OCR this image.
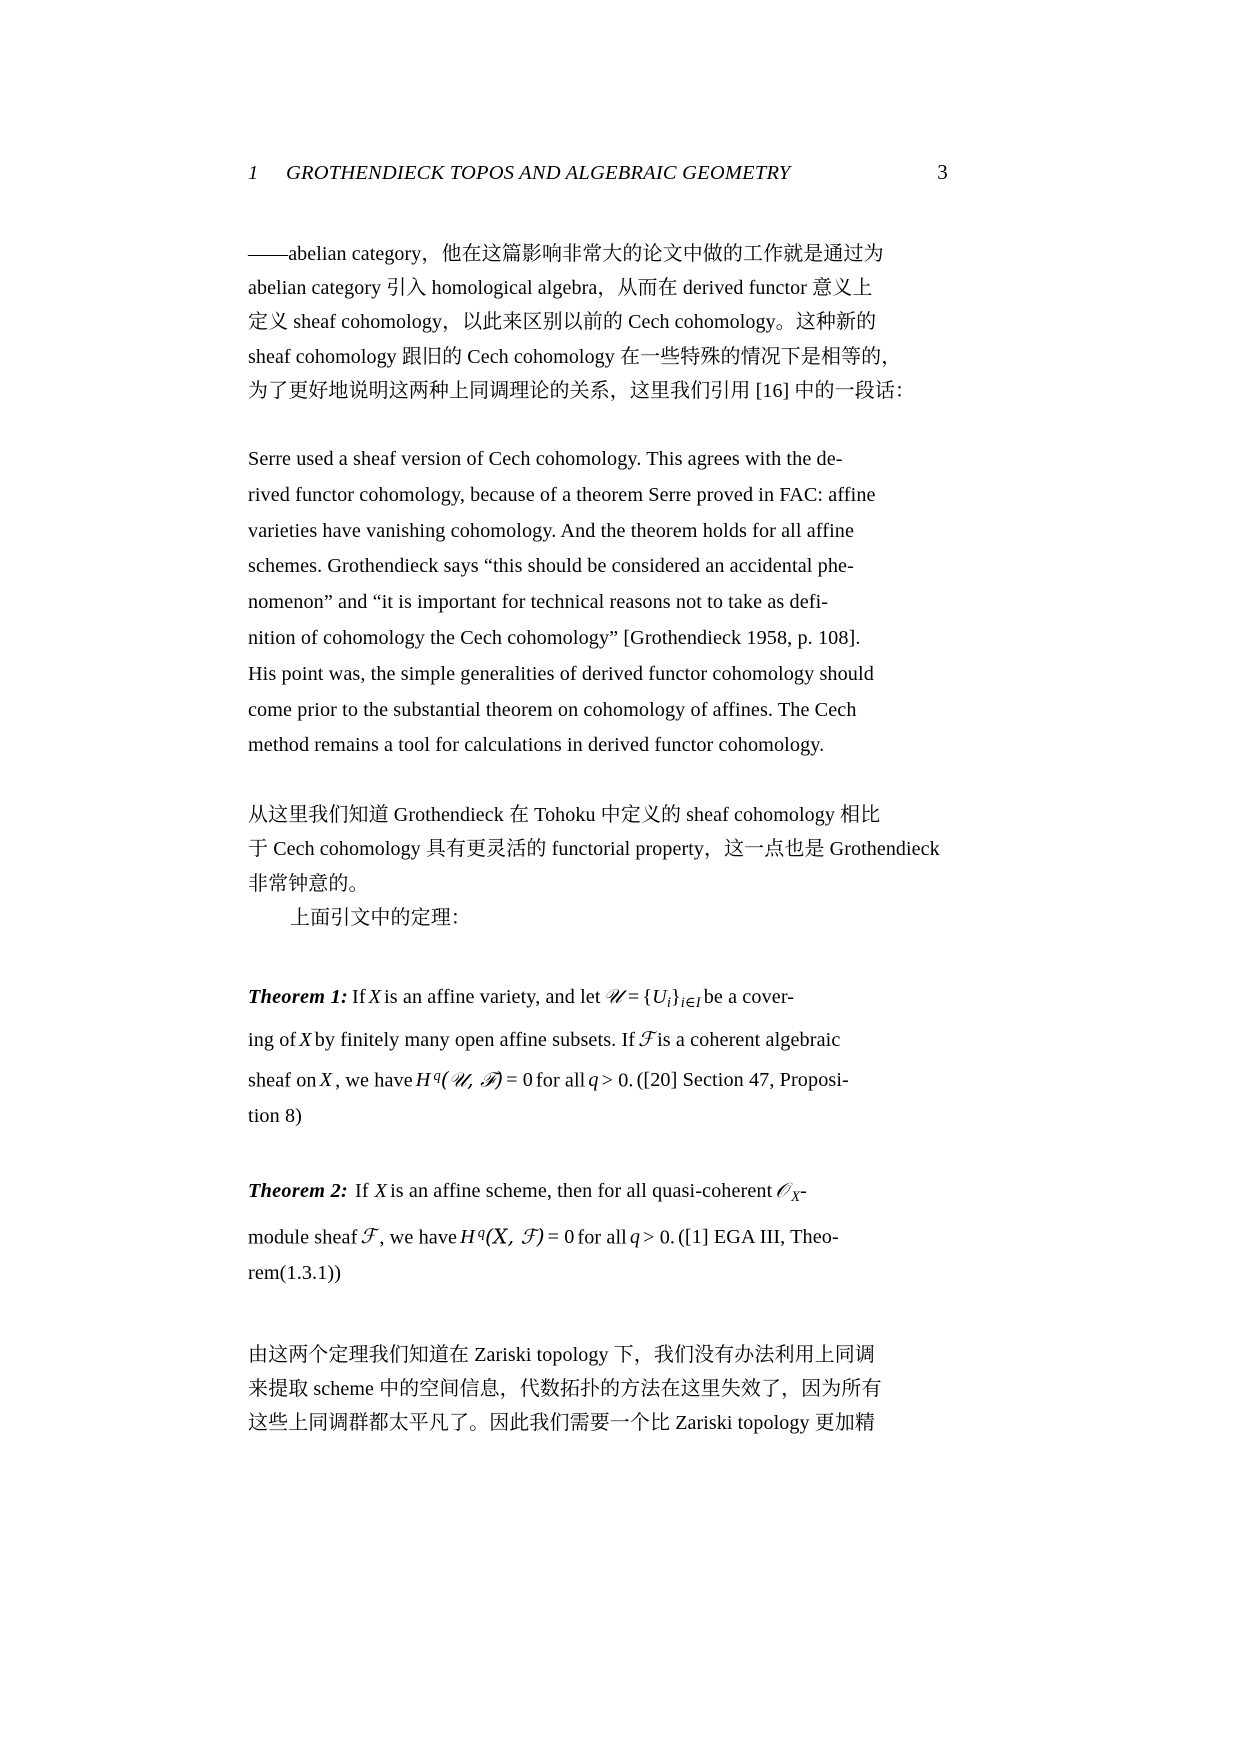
1	GROTHENDIECK TOPOS AND ALGEBRAIC GEOMETRY	3
——abelian category，他在这篇影响非常大的论文中做的工作就是通过为
abelian category 引入 homological algebra，从而在 derived functor 意义上
定义 sheaf cohomology，以此来区别以前的 Cech cohomology。这种新的
sheaf cohomology 跟旧的 Cech cohomology 在一些特殊的情况下是相等的，
为了更好地说明这两种上同调理论的关系，这里我们引用 [16] 中的一段话：
Serre used a sheaf version of Cech cohomology. This agrees with the de-
rived functor cohomology, because of a theorem Serre proved in FAC: affine
varieties have vanishing cohomology. And the theorem holds for all affine
schemes. Grothendieck says “this should be considered an accidental phe-
nomenon” and “it is important for technical reasons not to take as defi-
nition of cohomology the Cech cohomology” [Grothendieck 1958, p. 108].
His point was, the simple generalities of derived functor cohomology should
come prior to the substantial theorem on cohomology of affines. The Cech
method remains a tool for calculations in derived functor cohomology.
从这里我们知道 Grothendieck 在 Tohoku 中定义的 sheaf cohomology 相比
于 Cech cohomology 具有更灵活的 functorial property，这一点也是 Grothendieck
非常钟意的。
上面引文中的定理：
Theorem 1: If X is an affine variety, and let 𝒰 = $\{U_i\}_{i\in I}$ be a cover-
ing of X by finitely many open affine subsets. If ℱ is a coherent algebraic
sheaf on X , we have H $^q$(𝒰, ℱ) = 0 for all q > 0. ([20] Section 47, Proposi-
tion 8)
Theorem 2: If X is an affine scheme, then for all quasi-coherent 𝒪 $_X$-
module sheaf ℱ , we have H $^q$(X, ℱ) = 0 for all q > 0. ([1] EGA III, Theo-
rem(1.3.1))
由这两个定理我们知道在 Zariski topology 下，我们没有办法利用上同调
来提取 scheme 中的空间信息，代数拓扑的方法在这里失效了，因为所有
这些上同调群都太平凡了。因此我们需要一个比 Zariski topology 更加精
